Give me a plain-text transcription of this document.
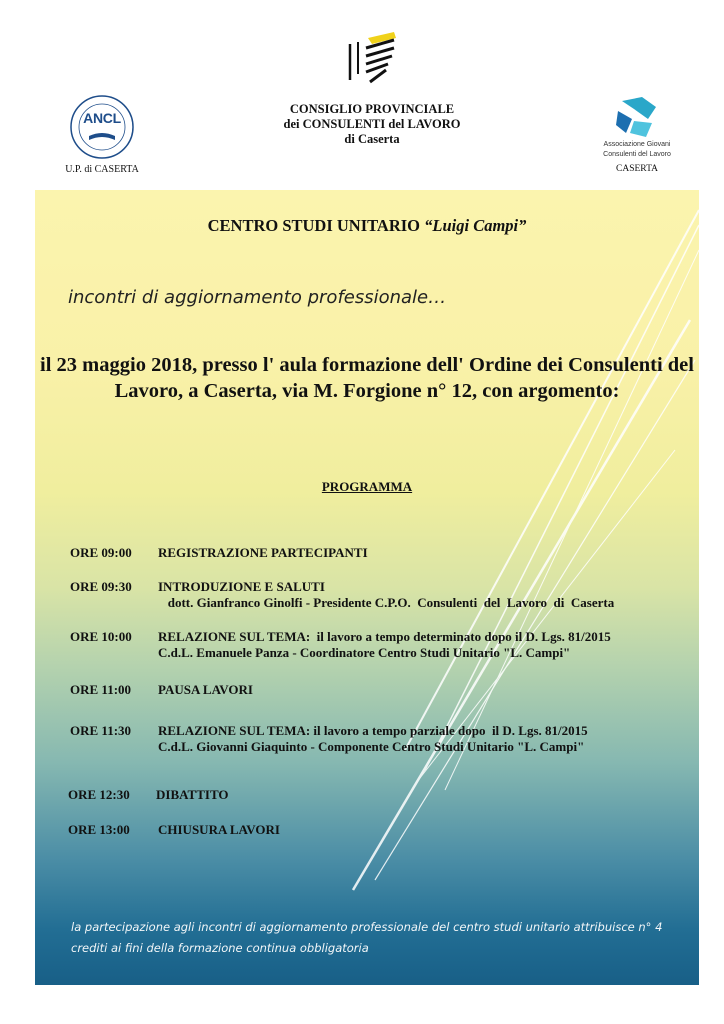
ANCL
U.P. di CASERTA
CONSIGLIO PROVINCIALE
dei CONSULENTI del LAVORO
di Caserta	Associazione Giovani
Consulenti del Lavoro
CASERTA
CENTRO STUDI UNITARIO “Luigi Campi”
incontri di aggiornamento professionale…
il 23 maggio 2018, presso l' aula formazione dell' Ordine dei Consulenti del Lavoro, a Caserta, via M. Forgione n° 12, con argomento:
PROGRAMMA
ORE 09:00 REGISTRAZIONE PARTECIPANTI
ORE 09:30 INTRODUZIONE E SALUTI
dott. Gianfranco Ginolfi - Presidente C.P.O.  Consulenti  del  Lavoro  di  Caserta
ORE 10:00 RELAZIONE SUL TEMA:  il lavoro a tempo determinato dopo il D. Lgs. 81/2015
C.d.L. Emanuele Panza - Coordinatore Centro Studi Unitario "L. Campi"
ORE 11:00 PAUSA LAVORI
ORE 11:30 RELAZIONE SUL TEMA: il lavoro a tempo parziale dopo  il D. Lgs. 81/2015
C.d.L. Giovanni Giaquinto - Componente Centro Studi Unitario "L. Campi"
ORE 12:30 DIBATTITO
ORE 13:00 CHIUSURA LAVORI
la partecipazione agli incontri di aggiornamento professionale del centro studi unitario attribuisce n° 4 crediti ai fini della formazione continua obbligatoria
